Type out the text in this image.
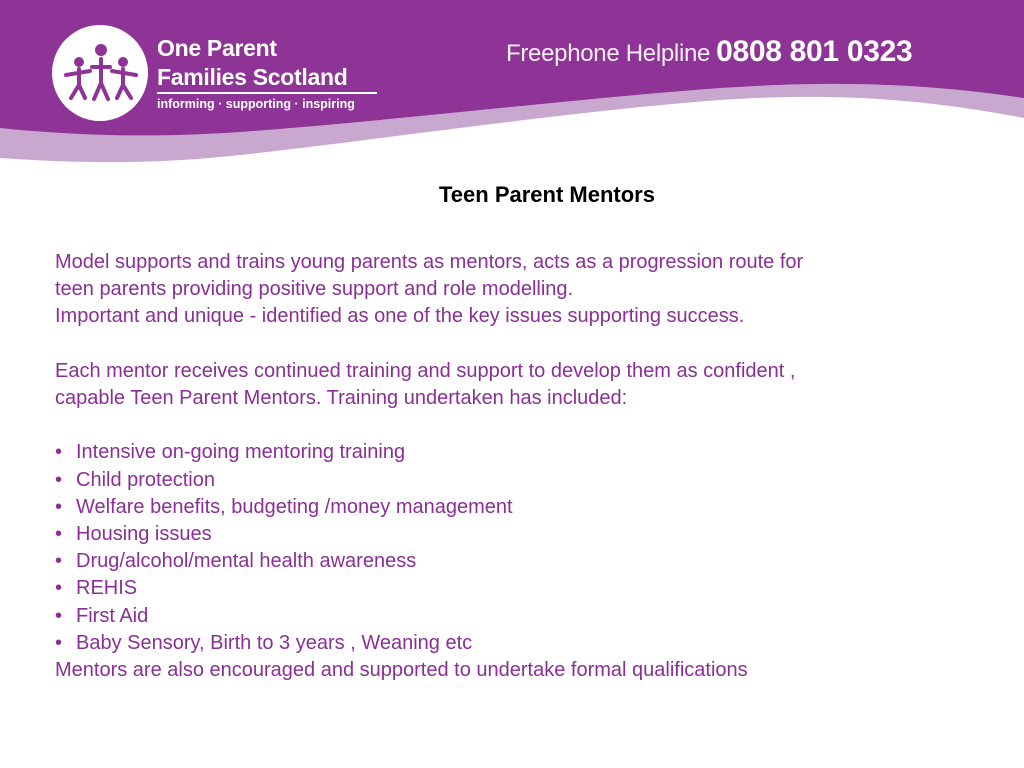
One Parent
Families Scotland
informing · supporting · inspiring
Freephone Helpline 0808 801 0323
Teen Parent Mentors

Model supports and trains young parents as mentors, acts as a progression route for

teen parents providing positive support and role modelling.

Important and unique - identified as one of the key issues supporting success.

Each mentor receives continued training and support to develop them as confident ,

capable Teen Parent Mentors. Training undertaken has included:

• Intensive on-going mentoring training
• Child protection
• Welfare benefits, budgeting /money management
• Housing issues
• Drug/alcohol/mental health awareness
• REHIS
• First Aid
• Baby Sensory, Birth to 3 years , Weaning etc

Mentors are also encouraged and supported to undertake formal qualifications
